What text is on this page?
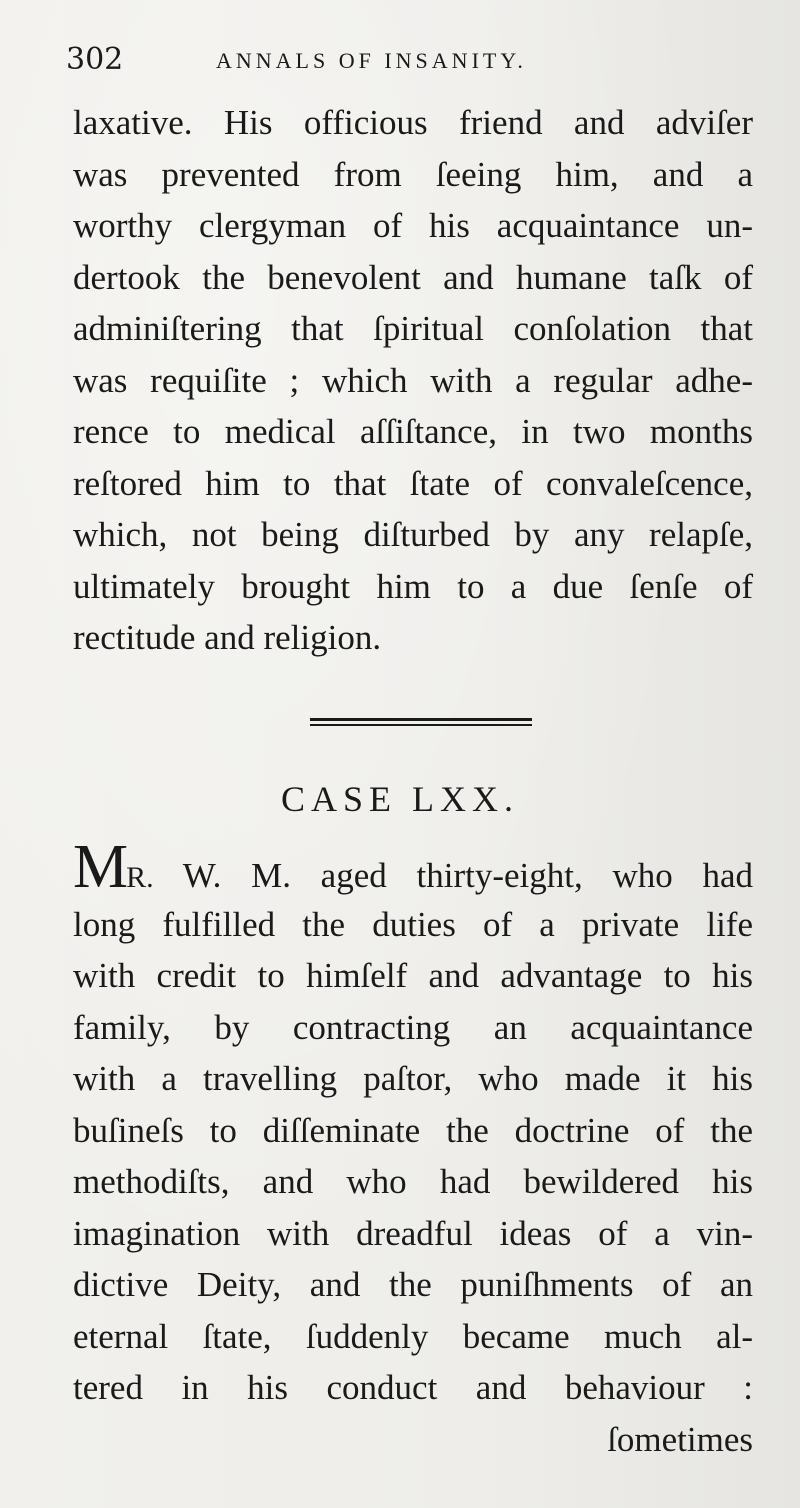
302	ANNALS OF INSANITY.
laxative. His officious friend and adviſer
was prevented from ſeeing him, and a
worthy clergyman of his acquaintance un-
dertook the benevolent and humane taſk of
adminiſtering that ſpiritual conſolation that
was requiſite ; which with a regular adhe-
rence to medical aſſiſtance, in two months
reſtored him to that ſtate of convaleſcence,
which, not being diſturbed by any relapſe,
ultimately brought him to a due ſenſe of
rectitude and religion.
CASE LXX.
MR. W. M. aged thirty-eight, who had
long fulfilled the duties of a private life
with credit to himſelf and advantage to his
family, by contracting an acquaintance
with a travelling paſtor, who made it his
buſineſs to diſſeminate the doctrine of the
methodiſts, and who had bewildered his
imagination with dreadful ideas of a vin-
dictive Deity, and the puniſhments of an
eternal ſtate, ſuddenly became much al-
tered in his conduct and behaviour :
ſometimes
